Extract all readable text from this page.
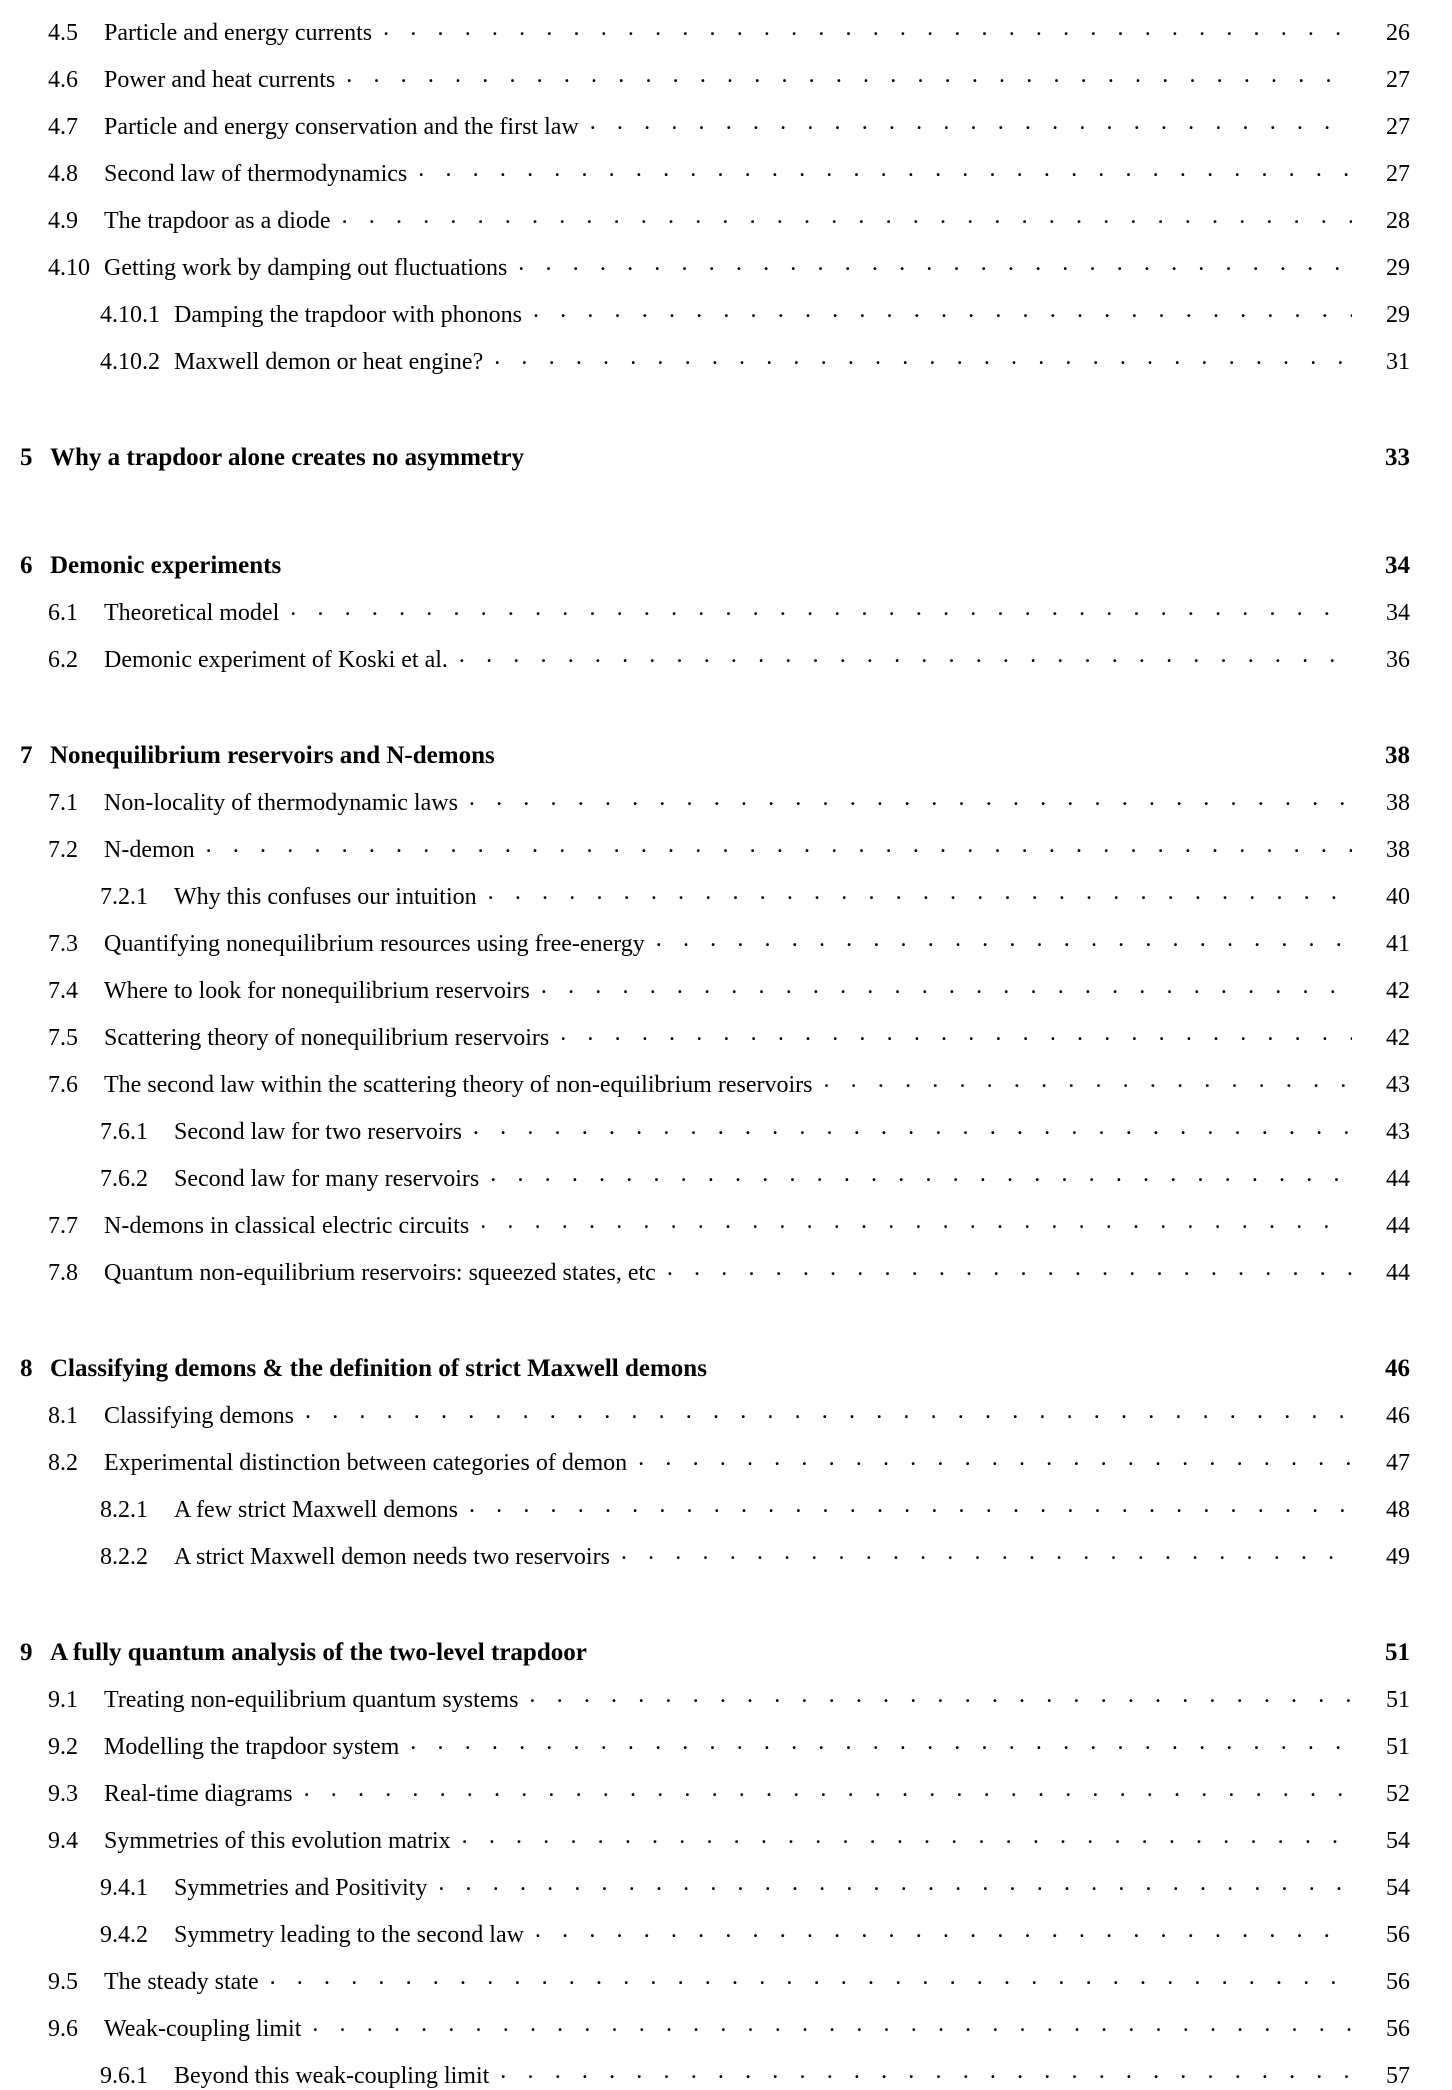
4.5	Particle and energy currents . . .	26
4.6	Power and heat currents . . .	27
4.7	Particle and energy conservation and the first law . . .	27
4.8	Second law of thermodynamics . . .	27
4.9	The trapdoor as a diode . . .	28
4.10 Getting work by damping out fluctuations . . .	29
4.10.1 Damping the trapdoor with phonons . . .	29
4.10.2 Maxwell demon or heat engine? . . .	31
5 Why a trapdoor alone creates no asymmetry	33
6 Demonic experiments	34
6.1	Theoretical model . . .	34
6.2	Demonic experiment of Koski et al. . . .	36
7 Nonequilibrium reservoirs and N-demons	38
7.1	Non-locality of thermodynamic laws . . .	38
7.2	N-demon . . .	38
7.2.1	Why this confuses our intuition . . .	40
7.3	Quantifying nonequilibrium resources using free-energy . . .	41
7.4	Where to look for nonequilibrium reservoirs . . .	42
7.5	Scattering theory of nonequilibrium reservoirs . . .	42
7.6	The second law within the scattering theory of non-equilibrium reservoirs . . .	43
7.6.1	Second law for two reservoirs . . .	43
7.6.2	Second law for many reservoirs . . .	44
7.7	N-demons in classical electric circuits . . .	44
7.8	Quantum non-equilibrium reservoirs: squeezed states, etc . . .	44
8 Classifying demons & the definition of strict Maxwell demons	46
8.1	Classifying demons . . .	46
8.2	Experimental distinction between categories of demon . . .	47
8.2.1	A few strict Maxwell demons . . .	48
8.2.2	A strict Maxwell demon needs two reservoirs . . .	49
9 A fully quantum analysis of the two-level trapdoor	51
9.1	Treating non-equilibrium quantum systems . . .	51
9.2	Modelling the trapdoor system . . .	51
9.3	Real-time diagrams . . .	52
9.4	Symmetries of this evolution matrix . . .	54
9.4.1	Symmetries and Positivity . . .	54
9.4.2	Symmetry leading to the second law . . .	56
9.5	The steady state . . .	56
9.6	Weak-coupling limit . . .	56
9.6.1	Beyond this weak-coupling limit . . .	57
